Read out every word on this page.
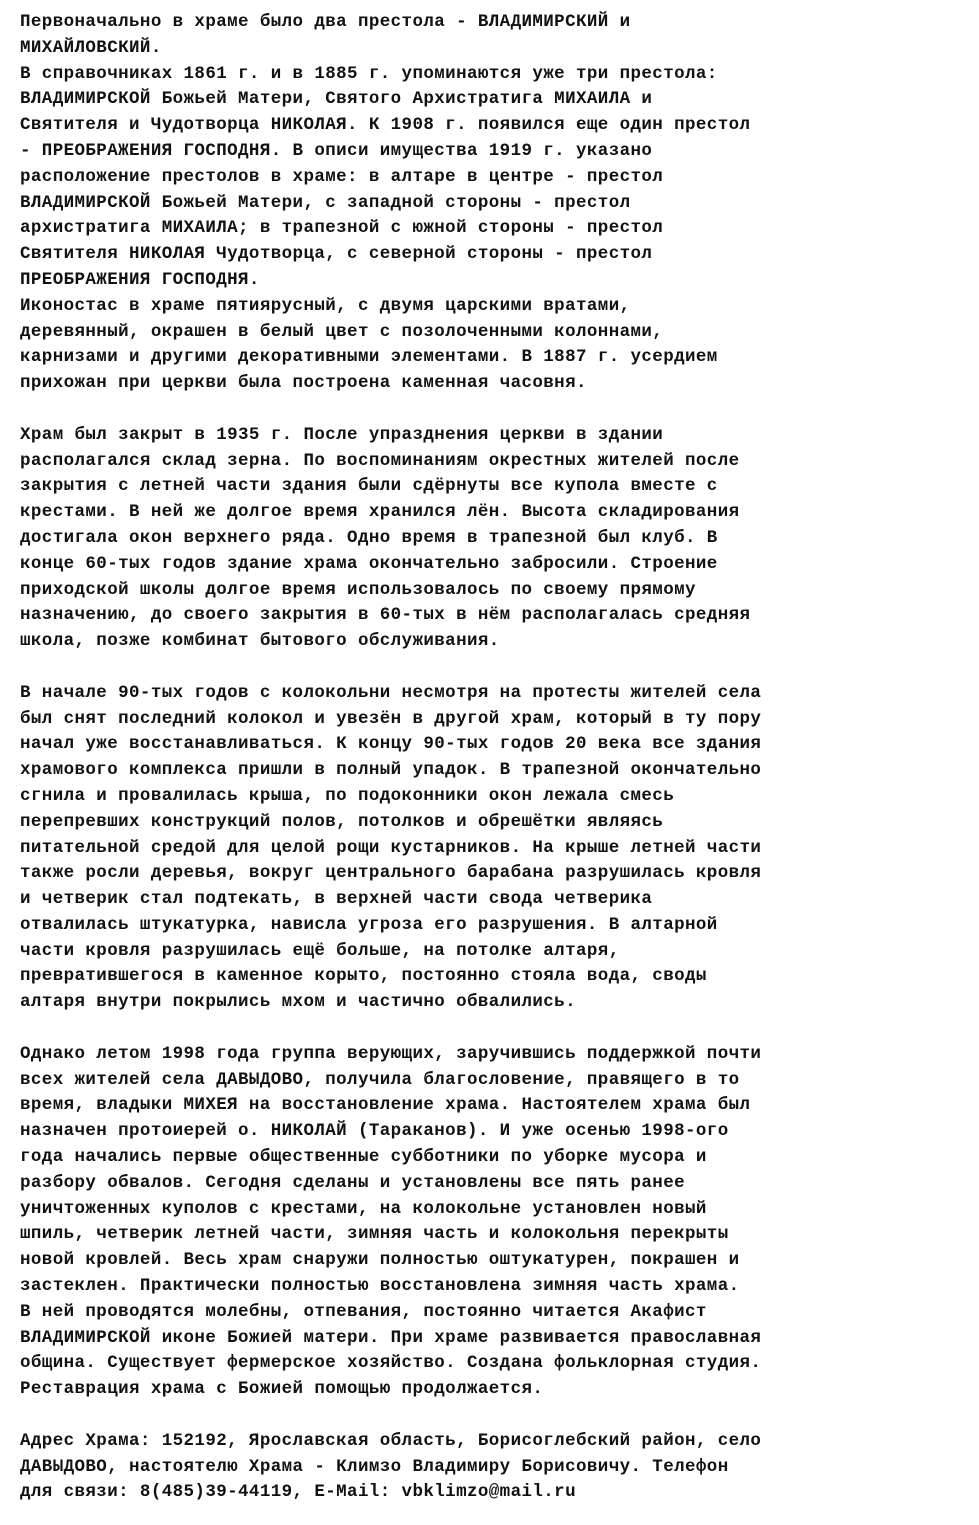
Первоначально в храме было два престола - ВЛАДИМИРСКИЙ и
МИХАЙЛОВСКИЙ.
В справочниках 1861 г. и в 1885 г. упоминаются уже три престола:
ВЛАДИМИРСКОЙ Божьей Матери, Святого Архистратига МИХАИЛА и
Святителя и Чудотворца НИКОЛАЯ. К 1908 г. появился еще один престол
- ПРЕОБРАЖЕНИЯ ГОСПОДНЯ. В описи имущества 1919 г. указано
расположение престолов в храме: в алтаре в центре - престол
ВЛАДИМИРСКОЙ Божьей Матери, с западной стороны - престол
архистратига МИХАИЛА; в трапезной с южной стороны - престол
Святителя НИКОЛАЯ Чудотворца, с северной стороны - престол
ПРЕОБРАЖЕНИЯ ГОСПОДНЯ.
Иконостас в храме пятиярусный, с двумя царскими вратами,
деревянный, окрашен в белый цвет с позолоченными колоннами,
карнизами и другими декоративными элементами. В 1887 г. усердием
прихожан при церкви была построена каменная часовня.
Храм был закрыт в 1935 г. После упразднения церкви в здании
располагался склад зерна. По воспоминаниям окрестных жителей после
закрытия с летней части здания были сдёрнуты все купола вместе с
крестами. В ней же долгое время хранился лён. Высота складирования
достигала окон верхнего ряда. Одно время в трапезной был клуб. В
конце 60-тых годов здание храма окончательно забросили. Строение
приходской школы долгое время использовалось по своему прямому
назначению, до своего закрытия в 60-тых в нём располагалась средняя
школа, позже комбинат бытового обслуживания.
В начале 90-тых годов с колокольни несмотря на протесты жителей села
был снят последний колокол и увезён в другой храм, который в ту пору
начал уже восстанавливаться. К концу 90-тых годов 20 века все здания
храмового комплекса пришли в полный упадок. В трапезной окончательно
сгнила и провалилась крыша, по подоконники окон лежала смесь
перепревших конструкций полов, потолков и обрешётки являясь
питательной средой для целой рощи кустарников. На крыше летней части
также росли деревья, вокруг центрального барабана разрушилась кровля
и четверик стал подтекать, в верхней части свода четверика
отвалилась штукатурка, нависла угроза его разрушения. В алтарной
части кровля разрушилась ещё больше, на потолке алтаря,
превратившегося в каменное корыто, постоянно стояла вода, своды
алтаря внутри покрылись мхом и частично обвалились.
Однако летом 1998 года группа верующих, заручившись поддержкой почти
всех жителей села ДАВЫДОВО, получила благословение, правящего в то
время, владыки МИХЕЯ на восстановление храма. Настоятелем храма был
назначен протоиерей о. НИКОЛАЙ (Тараканов). И уже осенью 1998-ого
года начались первые общественные субботники по уборке мусора и
разбору обвалов. Сегодня сделаны и установлены все пять ранее
уничтоженных куполов с крестами, на колокольне установлен новый
шпиль, четверик летней части, зимняя часть и колокольня перекрыты
новой кровлей. Весь храм снаружи полностью оштукатурен, покрашен и
застеклен. Практически полностью восстановлена зимняя часть храма.
В ней проводятся молебны, отпевания, постоянно читается Акафист
ВЛАДИМИРСКОЙ иконе Божией матери. При храме развивается православная
община. Существует фермерское хозяйство. Создана фольклорная студия.
Реставрация храма с Божией помощью продолжается.
Адрес Храма: 152192, Ярославская область, Борисоглебский район, село
ДАВЫДОВО, настоятелю Храма - Климзо Владимиру Борисовичу. Телефон
для связи: 8(485)39-44119, E-Mail: vbklimzo@mail.ru
